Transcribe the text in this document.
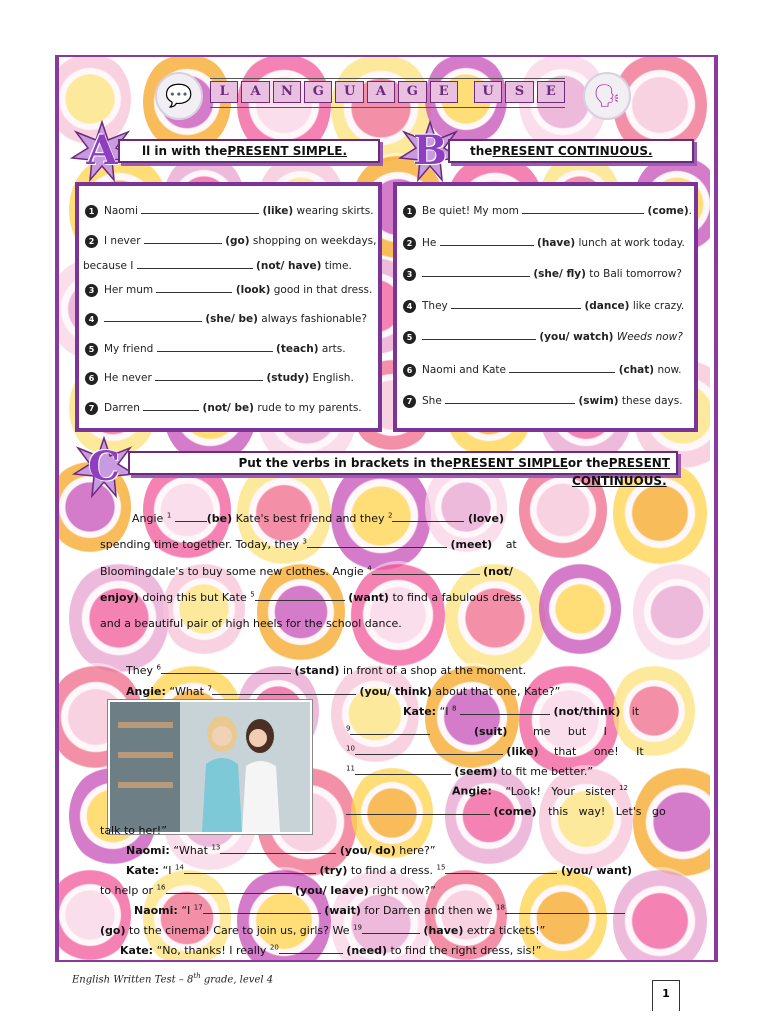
💬	🗣
L	A	N	G	U	A	G	E	U	S	E
A	ll in with the PRESENT SIMPLE.	B	the PRESENT CONTINUOUS.
1 Naomi	(like) wearing skirts.
2 I never	(go) shopping on weekdays,
because I	(not/ have) time.
3 Her mum	(look) good in that dress.
4	(she/ be) always fashionable?
5 My friend	(teach) arts.
6 He never	(study) English.
7 Darren	(not/ be) rude to my parents.
1 Be quiet! My mom	(come).
2 He	(have) lunch at work today.
3	(she/ fly) to Bali tomorrow?
4 They	(dance) like crazy.
5	(you/ watch) Weeds now?
6 Naomi and Kate	(chat) now.
7 She	(swim) these days.
C	Put the verbs in brackets in the PRESENT SIMPLE or the PRESENT
CONTINUOUS.
Angie $^1$	(be) Kate's best friend and they $^2$	(love)
spending time together. Today, they $^3$	(meet) at
Bloomingdale's to buy some new clothes. Angie $^4$	(not/
enjoy) doing this but Kate $^5$	(want) to find a fabulous dress
and a beautiful pair of high heels for the school dance.
They $^6$	(stand) in front of a shop at the moment.
Angie: “What $^7$	(you/ think) about that one, Kate?”
Kate: “I $^8$	(not/think) it
$^9$	(suit) me     but     I
$^{10}$	(like) that     one!     It
$^{11}$	(seem) to fit me better.”
Angie: “Look!   Your   sister $^{12}$
(come) this   way!   Let's   go
talk to her!”
Naomi: “What $^{13}$	(you/ do) here?”
Kate: “I $^{14}$	(try) to find a dress. $^{15}$	(you/ want)
to help or $^{16}$	(you/ leave) right now?”
Naomi: “I $^{17}$	(wait) for Darren and then we $^{18}$
(go) to the cinema! Care to join us, girls? We $^{19}$	(have) extra tickets!”
Kate: “No, thanks! I really $^{20}$	(need) to find the right dress, sis!”
English Written Test – 8th grade, level 4
1
